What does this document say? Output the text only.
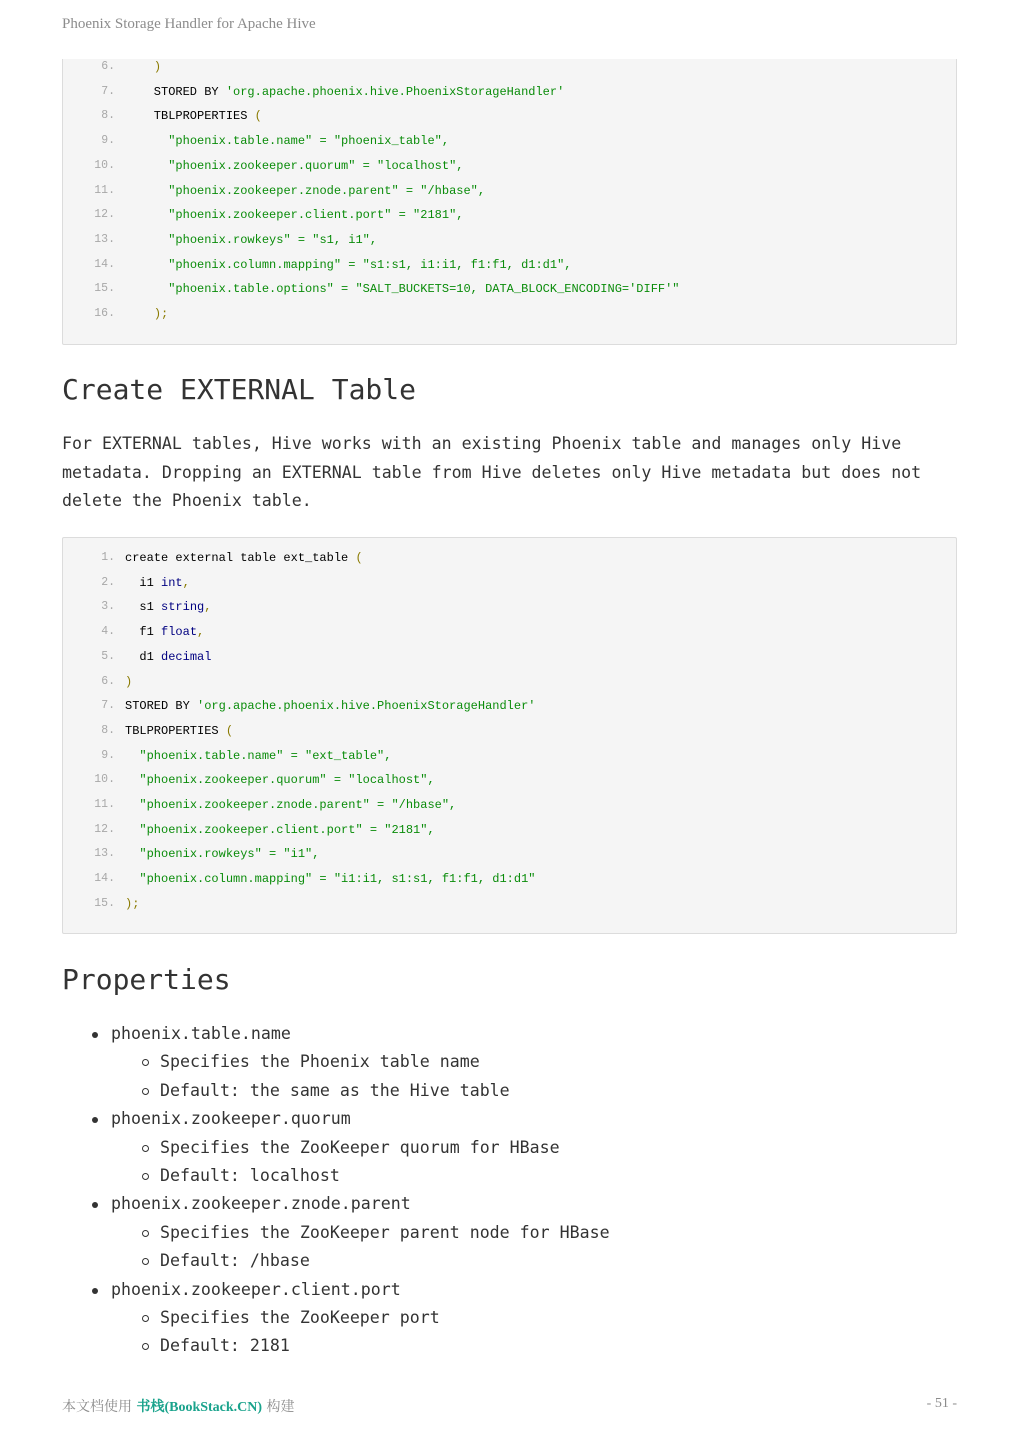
Phoenix Storage Handler for Apache Hive
6.	)
7. STORED BY 'org.apache.phoenix.hive.PhoenixStorageHandler'
8. TBLPROPERTIES (
9.	"phoenix.table.name" = "phoenix_table",
10.	"phoenix.zookeeper.quorum" = "localhost",
11.	"phoenix.zookeeper.znode.parent" = "/hbase",
12.	"phoenix.zookeeper.client.port" = "2181",
13.	"phoenix.rowkeys" = "s1, i1",
14.	"phoenix.column.mapping" = "s1:s1, i1:i1, f1:f1, d1:d1",
15.	"phoenix.table.options" = "SALT_BUCKETS=10, DATA_BLOCK_ENCODING='DIFF'"
16.	);
Create EXTERNAL Table
For EXTERNAL tables, Hive works with an existing Phoenix table and manages only Hive
metadata. Dropping an EXTERNAL table from Hive deletes only Hive metadata but does not
delete the Phoenix table.
1. create external table ext_table (
2. i1 int,
3. s1 string,
4. f1 float,
5. d1 decimal
6. )
7. STORED BY 'org.apache.phoenix.hive.PhoenixStorageHandler'
8. TBLPROPERTIES (
9.	"phoenix.table.name" = "ext_table",
10.	"phoenix.zookeeper.quorum" = "localhost",
11.	"phoenix.zookeeper.znode.parent" = "/hbase",
12.	"phoenix.zookeeper.client.port" = "2181",
13.	"phoenix.rowkeys" = "i1",
14.	"phoenix.column.mapping" = "i1:i1, s1:s1, f1:f1, d1:d1"
15. );
Properties
phoenix.table.name
Specifies the Phoenix table name
Default: the same as the Hive table
phoenix.zookeeper.quorum
Specifies the ZooKeeper quorum for HBase
Default: localhost
phoenix.zookeeper.znode.parent
Specifies the ZooKeeper parent node for HBase
Default: /hbase
phoenix.zookeeper.client.port
Specifies the ZooKeeper port
Default: 2181
本文档使用 书栈(BookStack.CN) 构建	- 51 -
